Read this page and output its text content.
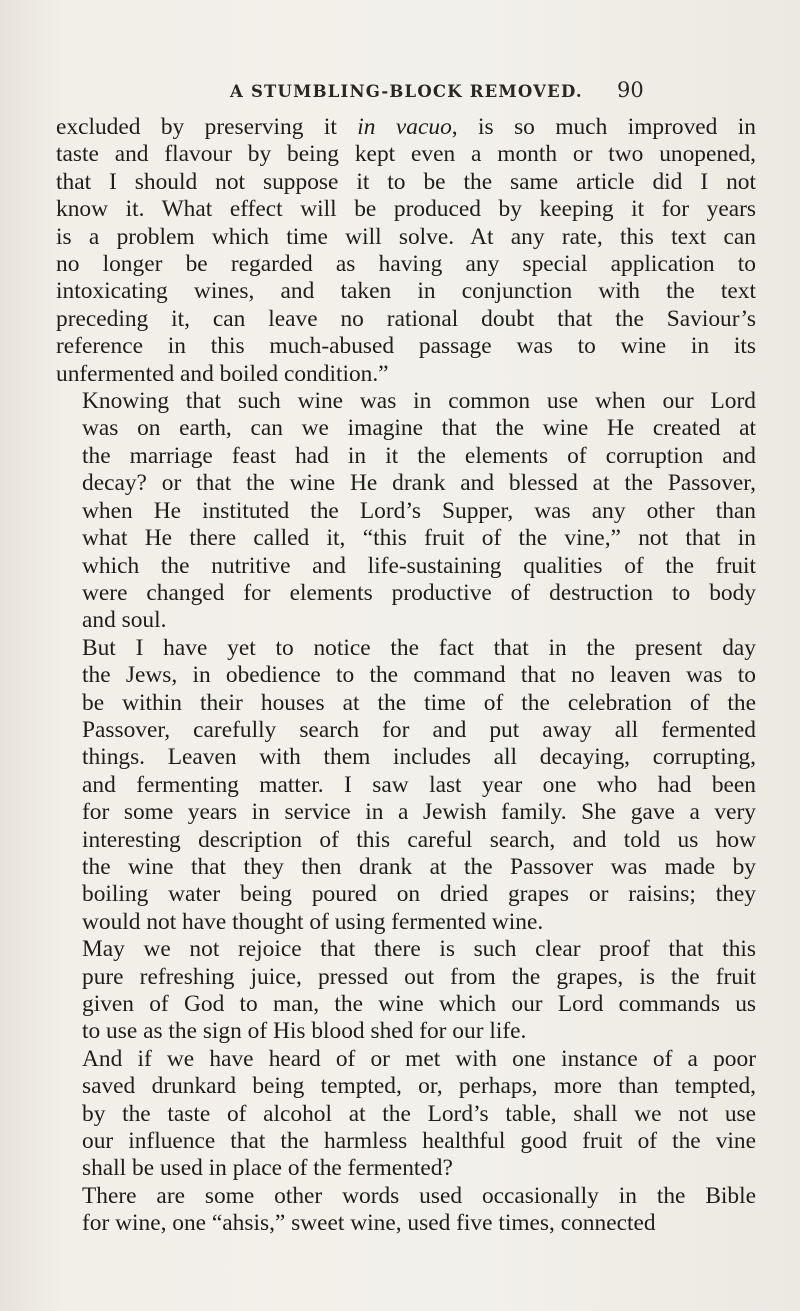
A STUMBLING-BLOCK REMOVED. 90

excluded by preserving it in vacuo, is so much improved in
taste and flavour by being kept even a month or two unopened,
that I should not suppose it to be the same article did I not
know it. What effect will be produced by keeping it for years
is a problem which time will solve. At any rate, this text can
no longer be regarded as having any special application to
intoxicating wines, and taken in conjunction with the text
preceding it, can leave no rational doubt that the Saviour’s
reference in this much-abused passage was to wine in its
unfermented and boiled condition.”

Knowing that such wine was in common use when our Lord
was on earth, can we imagine that the wine He created at
the marriage feast had in it the elements of corruption and
decay? or that the wine He drank and blessed at the Passover,
when He instituted the Lord’s Supper, was any other than
what He there called it, “this fruit of the vine,” not that in
which the nutritive and life-sustaining qualities of the fruit
were changed for elements productive of destruction to body
and soul.

But I have yet to notice the fact that in the present day
the Jews, in obedience to the command that no leaven was to
be within their houses at the time of the celebration of the
Passover, carefully search for and put away all fermented
things. Leaven with them includes all decaying, corrupting,
and fermenting matter. I saw last year one who had been
for some years in service in a Jewish family. She gave a very
interesting description of this careful search, and told us how
the wine that they then drank at the Passover was made by
boiling water being poured on dried grapes or raisins; they
would not have thought of using fermented wine.

May we not rejoice that there is such clear proof that this
pure refreshing juice, pressed out from the grapes, is the fruit
given of God to man, the wine which our Lord commands us
to use as the sign of His blood shed for our life.

And if we have heard of or met with one instance of a poor
saved drunkard being tempted, or, perhaps, more than tempted,
by the taste of alcohol at the Lord’s table, shall we not use
our influence that the harmless healthful good fruit of the vine
shall be used in place of the fermented?

There are some other words used occasionally in the Bible
for wine, one “ahsis,” sweet wine, used five times, connected
